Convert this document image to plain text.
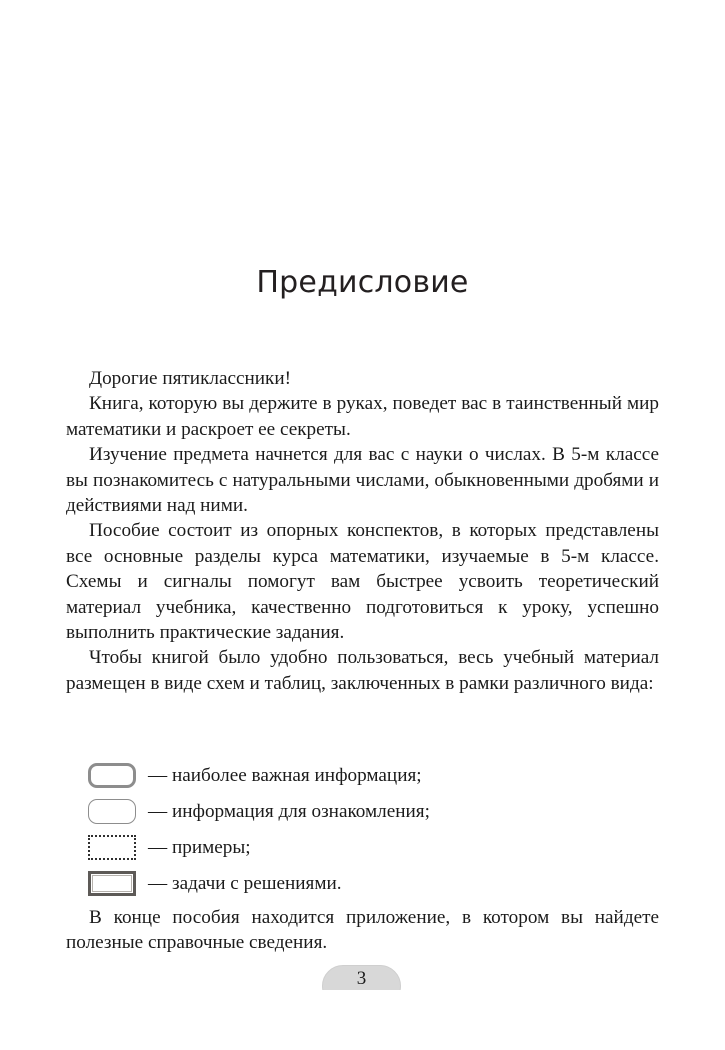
Предисловие

Дорогие пятиклассники!

Книга, которую вы держите в руках, поведет вас в таинственный мир математики и раскроет ее секреты.

Изучение предмета начнется для вас с науки о числах. В 5-м классе вы познакомитесь с натуральными числами, обыкновенными дробями и действиями над ними.

Пособие состоит из опорных конспектов, в которых представлены все основные разделы курса математики, изучаемые в 5-м классе. Схемы и сигналы помогут вам быстрее усвоить теоретический материал учебника, качественно подготовиться к уроку, успешно выполнить практические задания.

Чтобы книгой было удобно пользоваться, весь учебный материал размещен в виде схем и таблиц, заключенных в рамки различного вида:

— наиболее важная информация;
— информация для ознакомления;
— примеры;
— задачи с решениями.

В конце пособия находится приложение, в котором вы найдете полезные справочные сведения.

3
